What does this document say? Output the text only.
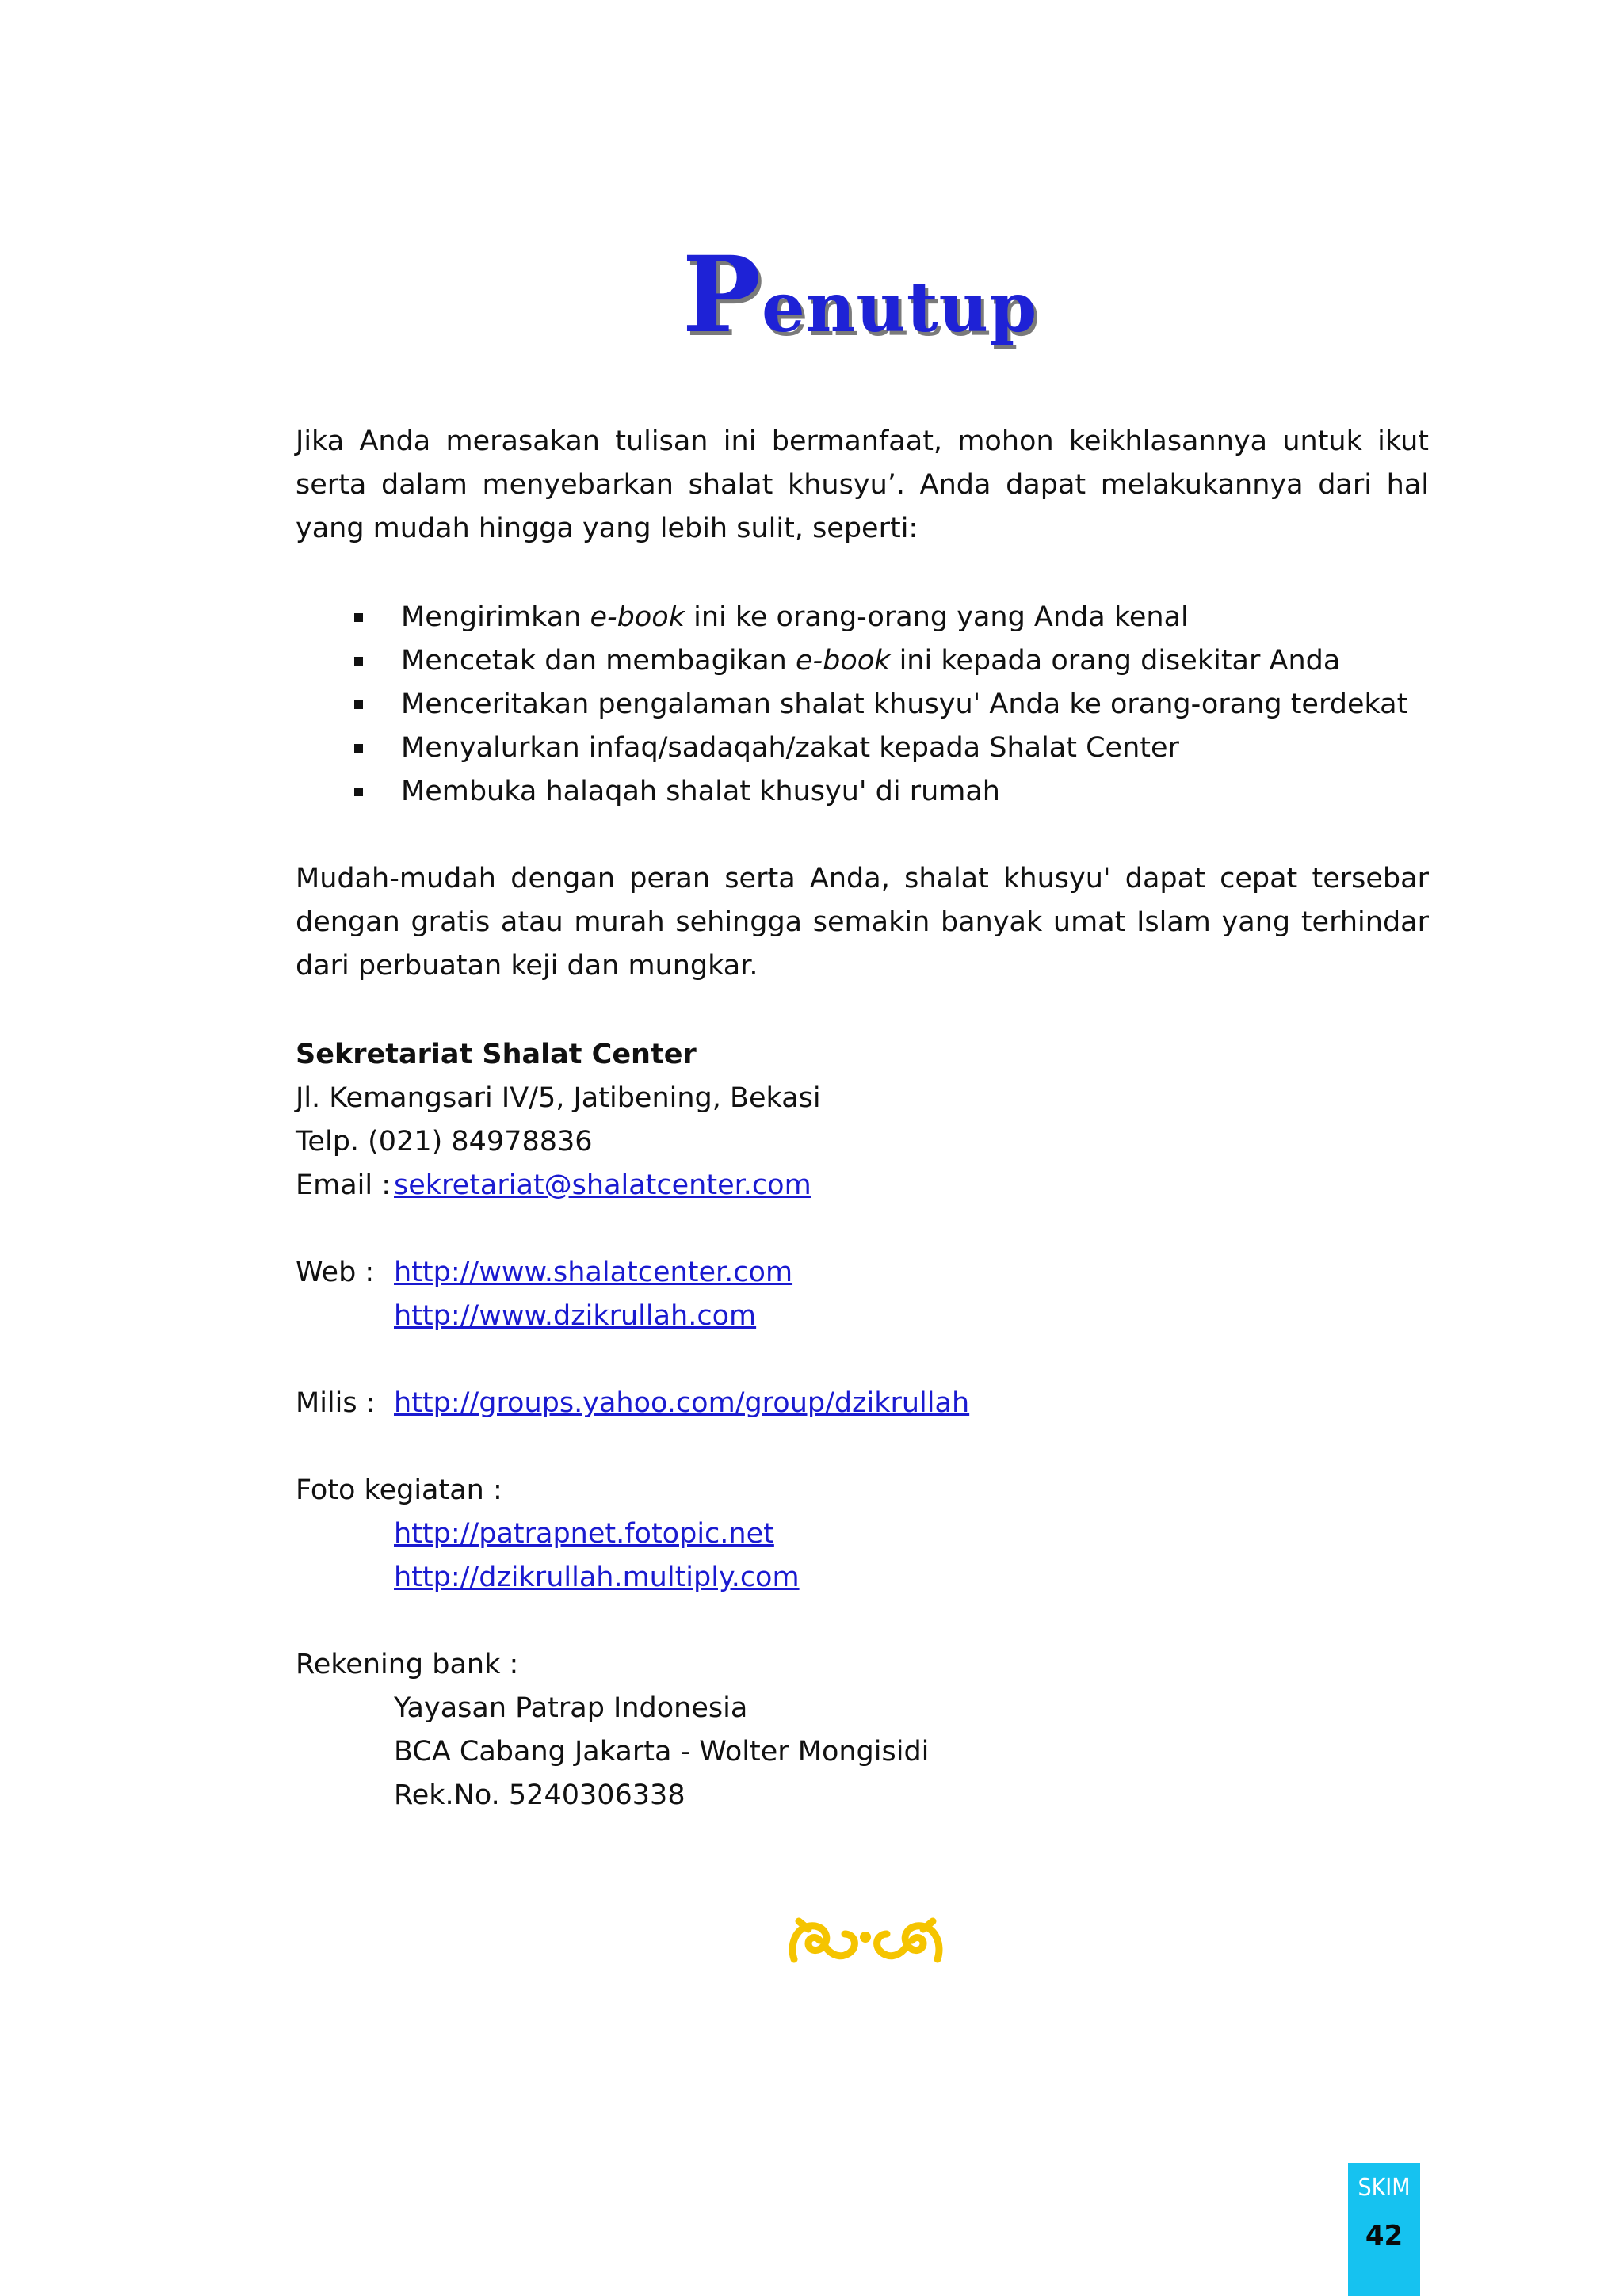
Penutup

Jika Anda merasakan tulisan ini bermanfaat, mohon keikhlasannya untuk ikut serta dalam menyebarkan shalat khusyu’. Anda dapat melakukannya dari hal yang mudah hingga yang lebih sulit, seperti:

Mengirimkan e-book ini ke orang-orang yang Anda kenal
Mencetak dan membagikan e-book ini kepada orang disekitar Anda
Menceritakan pengalaman shalat khusyu' Anda ke orang-orang terdekat
Menyalurkan infaq/sadaqah/zakat kepada Shalat Center
Membuka halaqah shalat khusyu' di rumah

Mudah-mudah dengan peran serta Anda, shalat khusyu' dapat cepat tersebar dengan gratis atau murah sehingga semakin banyak umat Islam yang terhindar dari perbuatan keji dan mungkar.

Sekretariat Shalat Center
Jl. Kemangsari IV/5, Jatibening, Bekasi
Telp. (021) 84978836
Email : sekretariat@shalatcenter.com
Web : http://www.shalatcenter.com
http://www.dzikrullah.com
Milis : http://groups.yahoo.com/group/dzikrullah
Foto kegiatan :
http://patrapnet.fotopic.net
http://dzikrullah.multiply.com
Rekening bank :
Yayasan Patrap Indonesia
BCA Cabang Jakarta - Wolter Mongisidi
Rek.No. 5240306338
SKIM
42
